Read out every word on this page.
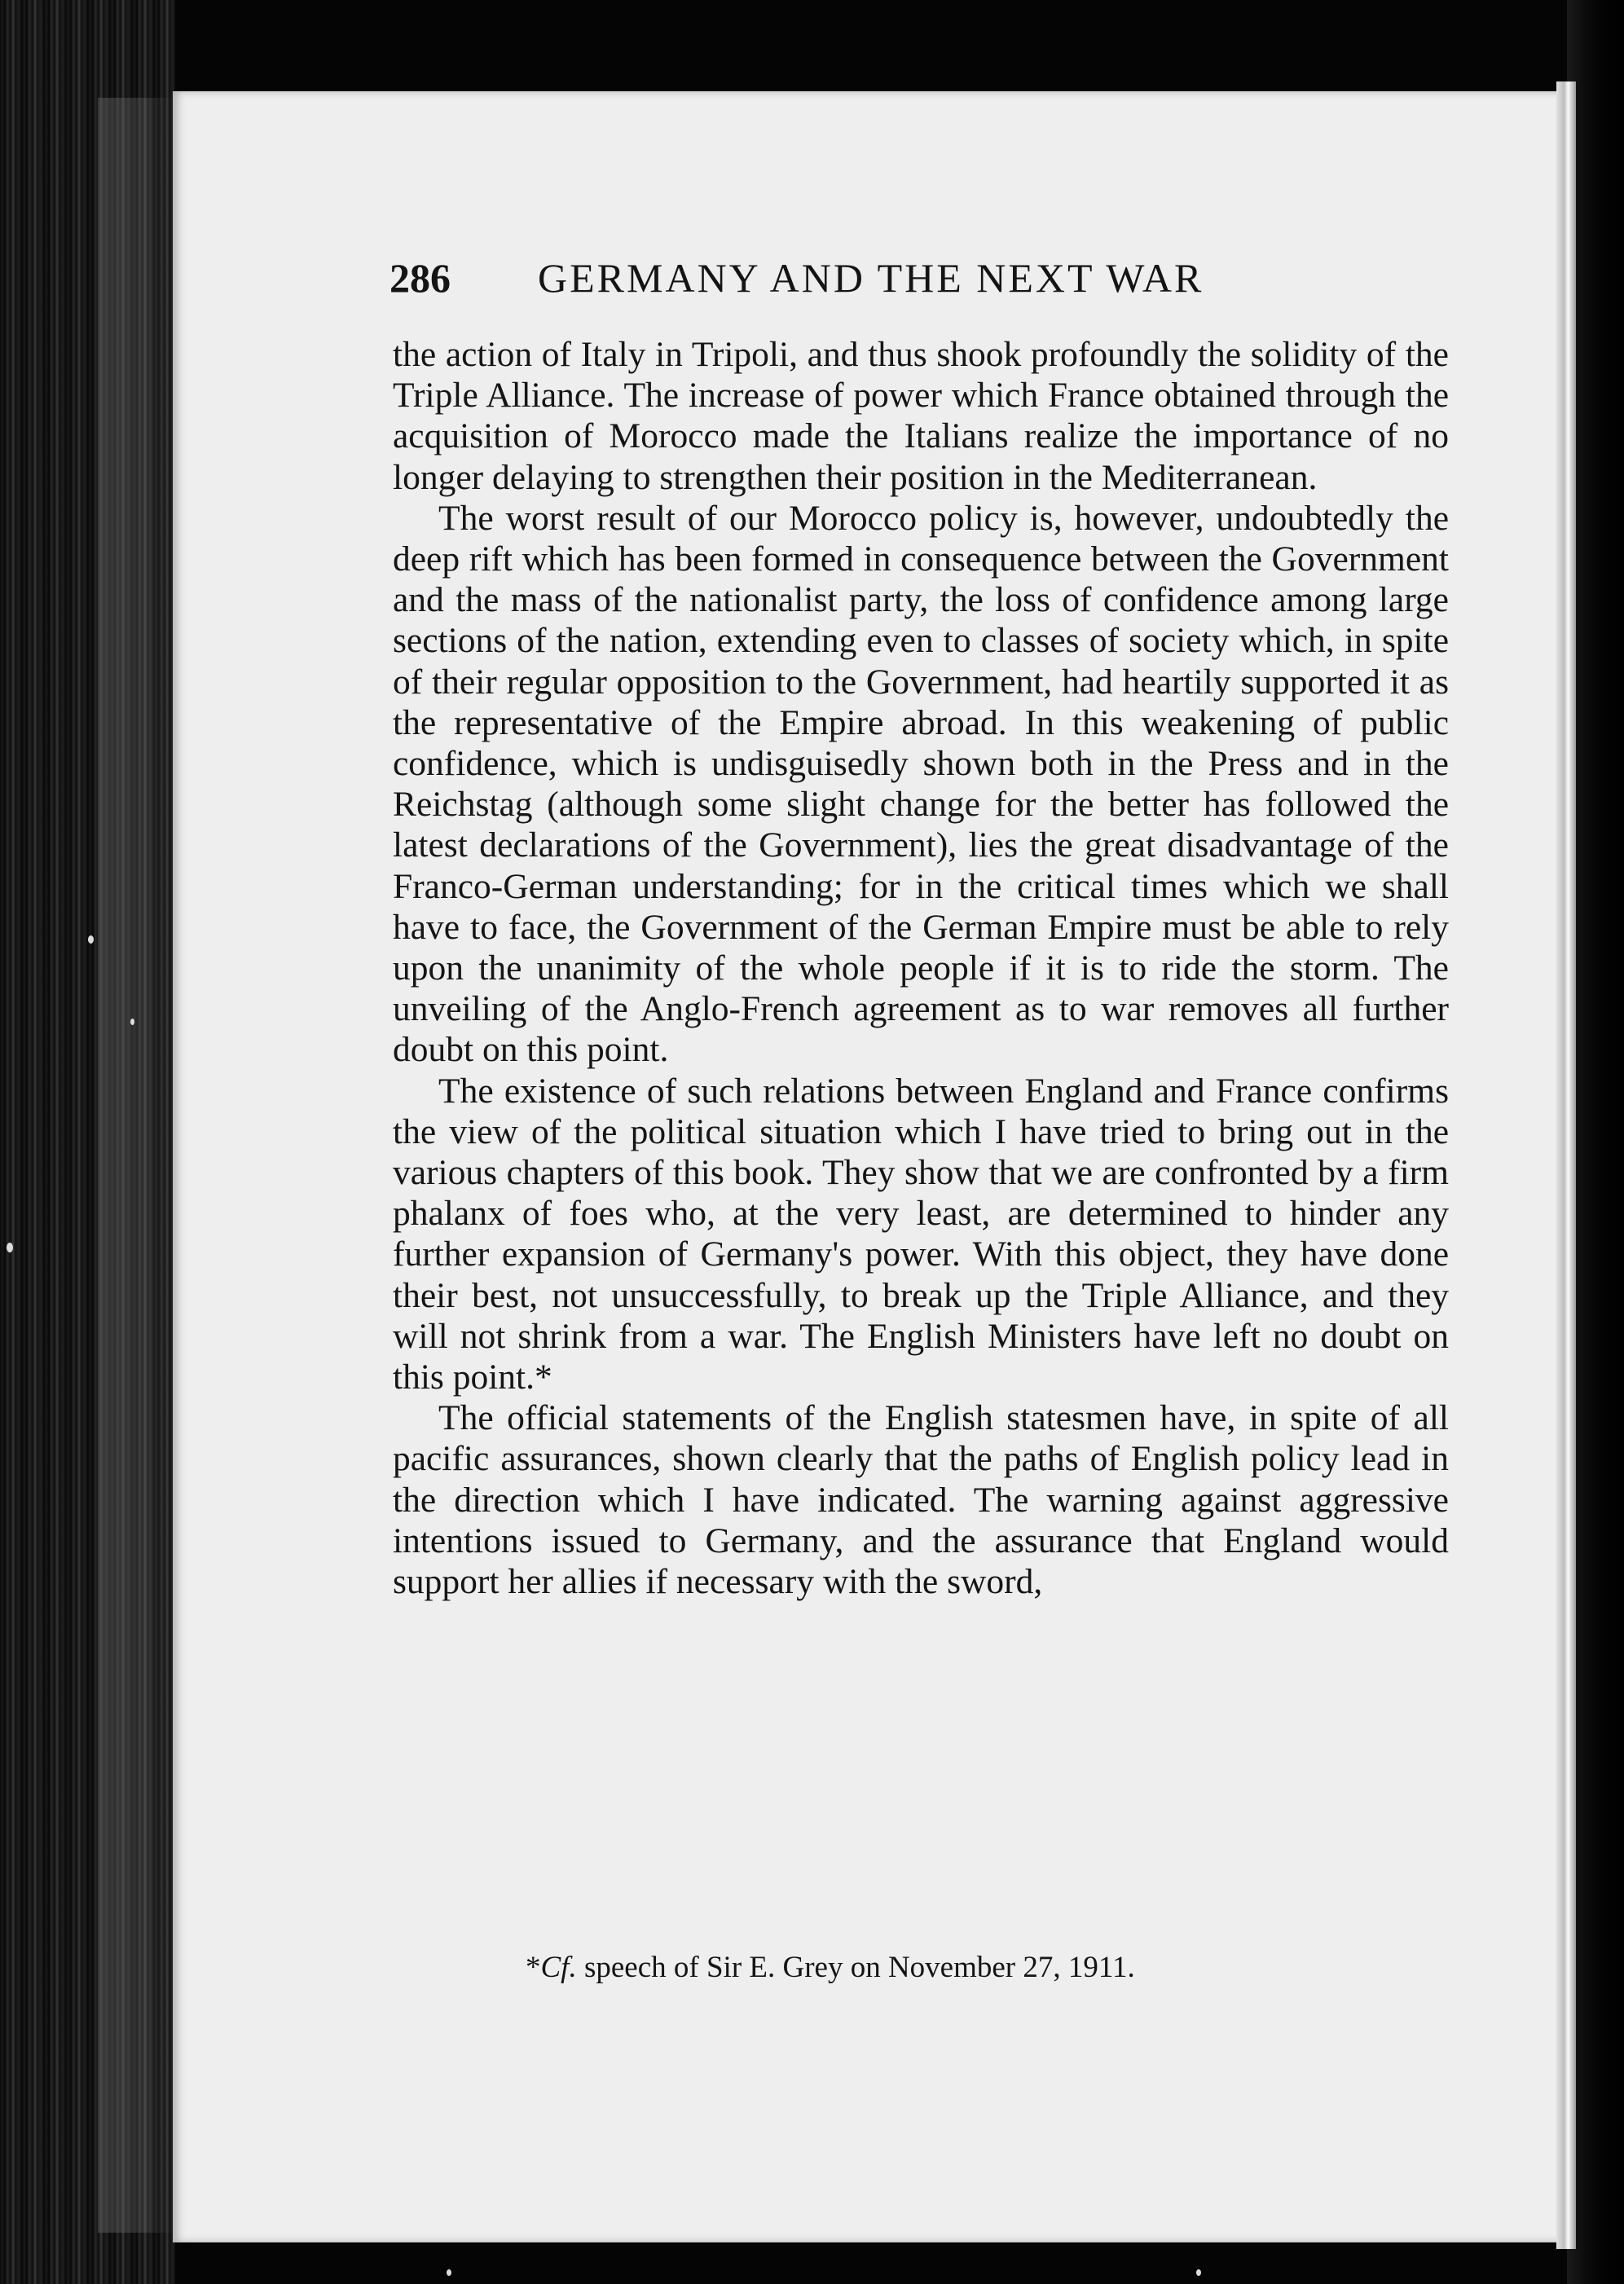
286 GERMANY AND THE NEXT WAR

the action of Italy in Tripoli, and thus shook profoundly the solidity of the Triple Alliance. The increase of power which France obtained through the acquisition of Morocco made the Italians realize the importance of no longer delaying to strengthen their position in the Mediterranean.

The worst result of our Morocco policy is, however, undoubtedly the deep rift which has been formed in consequence between the Government and the mass of the nationalist party, the loss of confidence among large sections of the nation, extending even to classes of society which, in spite of their regular opposition to the Government, had heartily supported it as the representative of the Empire abroad. In this weakening of public confidence, which is undisguisedly shown both in the Press and in the Reichstag (although some slight change for the better has followed the latest declarations of the Government), lies the great disadvantage of the Franco-German understanding; for in the critical times which we shall have to face, the Government of the German Empire must be able to rely upon the unanimity of the whole people if it is to ride the storm. The unveiling of the Anglo-French agreement as to war removes all further doubt on this point.

The existence of such relations between England and France confirms the view of the political situation which I have tried to bring out in the various chapters of this book. They show that we are confronted by a firm phalanx of foes who, at the very least, are determined to hinder any further expansion of Germany's power. With this object, they have done their best, not unsuccessfully, to break up the Triple Alliance, and they will not shrink from a war. The English Ministers have left no doubt on this point.*

The official statements of the English statesmen have, in spite of all pacific assurances, shown clearly that the paths of English policy lead in the direction which I have indicated. The warning against aggressive intentions issued to Germany, and the assurance that England would support her allies if necessary with the sword,

*Cf. speech of Sir E. Grey on November 27, 1911.
